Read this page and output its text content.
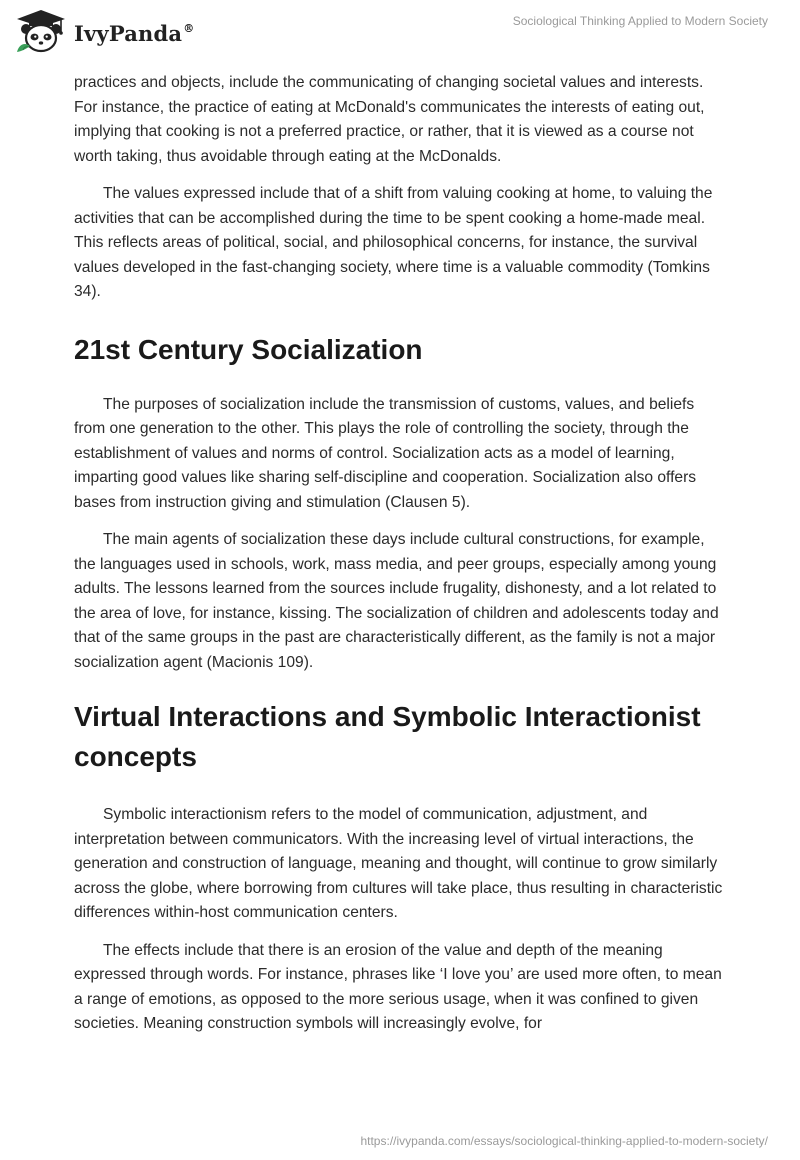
IvyPanda®	Sociological Thinking Applied to Modern Society

practices and objects, include the communicating of changing societal values and interests. For instance, the practice of eating at McDonald's communicates the interests of eating out, implying that cooking is not a preferred practice, or rather, that it is viewed as a course not worth taking, thus avoidable through eating at the McDonalds.

The values expressed include that of a shift from valuing cooking at home, to valuing the activities that can be accomplished during the time to be spent cooking a home-made meal. This reflects areas of political, social, and philosophical concerns, for instance, the survival values developed in the fast-changing society, where time is a valuable commodity (Tomkins 34).

21st Century Socialization

The purposes of socialization include the transmission of customs, values, and beliefs from one generation to the other. This plays the role of controlling the society, through the establishment of values and norms of control. Socialization acts as a model of learning, imparting good values like sharing self-discipline and cooperation. Socialization also offers bases from instruction giving and stimulation (Clausen 5).

The main agents of socialization these days include cultural constructions, for example, the languages used in schools, work, mass media, and peer groups, especially among young adults. The lessons learned from the sources include frugality, dishonesty, and a lot related to the area of love, for instance, kissing. The socialization of children and adolescents today and that of the same groups in the past are characteristically different, as the family is not a major socialization agent (Macionis 109).

Virtual Interactions and Symbolic Interactionist concepts

Symbolic interactionism refers to the model of communication, adjustment, and interpretation between communicators. With the increasing level of virtual interactions, the generation and construction of language, meaning and thought, will continue to grow similarly across the globe, where borrowing from cultures will take place, thus resulting in characteristic differences within-host communication centers.

The effects include that there is an erosion of the value and depth of the meaning expressed through words. For instance, phrases like ‘I love you’ are used more often, to mean a range of emotions, as opposed to the more serious usage, when it was confined to given societies. Meaning construction symbols will increasingly evolve, for

https://ivypanda.com/essays/sociological-thinking-applied-to-modern-society/
